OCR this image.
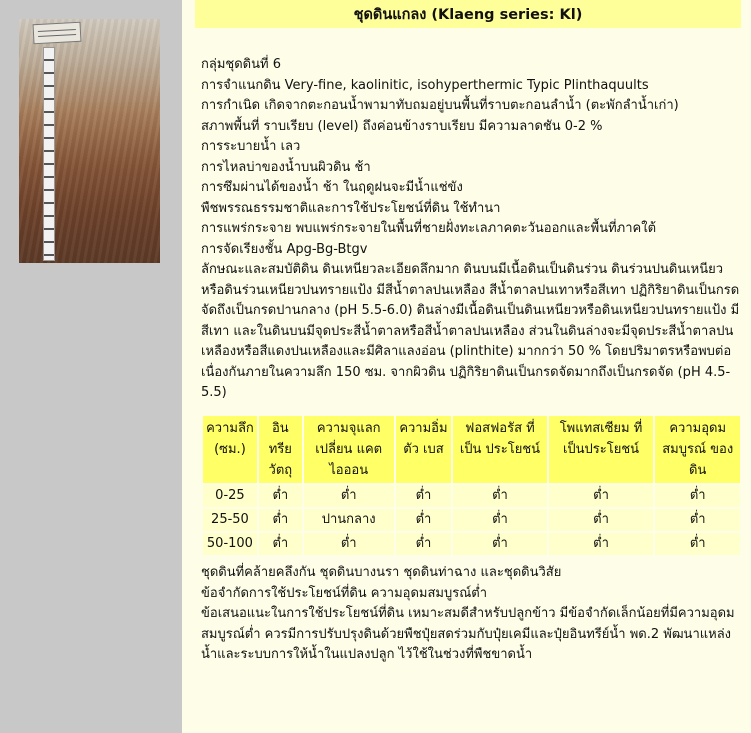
ชุดดินแกลง (Klaeng series: Kl)
กลุ่มชุดดินที่ 6
การจำแนกดิน Very-fine, kaolinitic, isohyperthermic Typic Plinthaquults
การกำเนิด เกิดจากตะกอนน้ำพามาทับถมอยู่บนพื้นที่ราบตะกอนลำน้ำ (ตะพักลำน้ำเก่า)
สภาพพื้นที่ ราบเรียบ (level) ถึงค่อนข้างราบเรียบ มีความลาดชัน 0-2 %
การระบายน้ำ เลว
การไหลบ่าของน้ำบนผิวดิน ช้า
การซึมผ่านได้ของน้ำ ช้า ในฤดูฝนจะมีน้ำแช่ขัง
พืชพรรณธรรมชาติและการใช้ประโยชน์ที่ดิน ใช้ทำนา
การแพร่กระจาย พบแพร่กระจายในพื้นที่ชายฝั่งทะเลภาคตะวันออกและพื้นที่ภาคใต้
การจัดเรียงชั้น Apg-Bg-Btgv
ลักษณะและสมบัติดิน ดินเหนียวละเอียดลึกมาก ดินบนมีเนื้อดินเป็นดินร่วน ดินร่วนปนดินเหนียวหรือดินร่วนเหนียวปนทรายแป้ง มีสีน้ำตาลปนเหลือง สีน้ำตาลปนเทาหรือสีเทา ปฏิกิริยาดินเป็นกรดจัดถึงเป็นกรดปานกลาง (pH 5.5-6.0) ดินล่างมีเนื้อดินเป็นดินเหนียวหรือดินเหนียวปนทรายแป้ง มีสีเทา และในดินบนมีจุดประสีน้ำตาลหรือสีน้ำตาลปนเหลือง ส่วนในดินล่างจะมีจุดประสีน้ำตาลปนเหลืองหรือสีแดงปนเหลืองและมีศิลาแลงอ่อน (plinthite) มากกว่า 50 % โดยปริมาตรหรือพบต่อเนื่องกันภายในความลึก 150 ซม. จากผิวดิน ปฏิกิริยาดินเป็นกรดจัดมากถึงเป็นกรดจัด (pH 4.5-5.5)
ความลึก (ซม.)	อินทรีย วัตถุ	ความจุแลก เปลี่ยน แคตไอออน	ความอิ่มตัว เบส	ฟอสฟอรัส ที่เป็น ประโยชน์	โพแทสเซียม ที่เป็นประโยชน์	ความอุดม สมบูรณ์ ของดิน
0-25	ต่ำ	ต่ำ	ต่ำ	ต่ำ	ต่ำ	ต่ำ
25-50	ต่ำ	ปานกลาง	ต่ำ	ต่ำ	ต่ำ	ต่ำ
50-100	ต่ำ	ต่ำ	ต่ำ	ต่ำ	ต่ำ	ต่ำ
ชุดดินที่คล้ายคลึงกัน ชุดดินบางนรา ชุดดินท่าฉาง และชุดดินวิสัย
ข้อจำกัดการใช้ประโยชน์ที่ดิน ความอุดมสมบูรณ์ต่ำ
ข้อเสนอแนะในการใช้ประโยชน์ที่ดิน เหมาะสมดีสำหรับปลูกข้าว มีข้อจำกัดเล็กน้อยที่มีความอุดมสมบูรณ์ต่ำ ควรมีการปรับปรุงดินด้วยพืชปุ๋ยสดร่วมกับปุ๋ยเคมีและปุ๋ยอินทรีย์น้ำ พด.2 พัฒนาแหล่งน้ำและระบบการให้น้ำในแปลงปลูก ไว้ใช้ในช่วงที่พืชขาดน้ำ
